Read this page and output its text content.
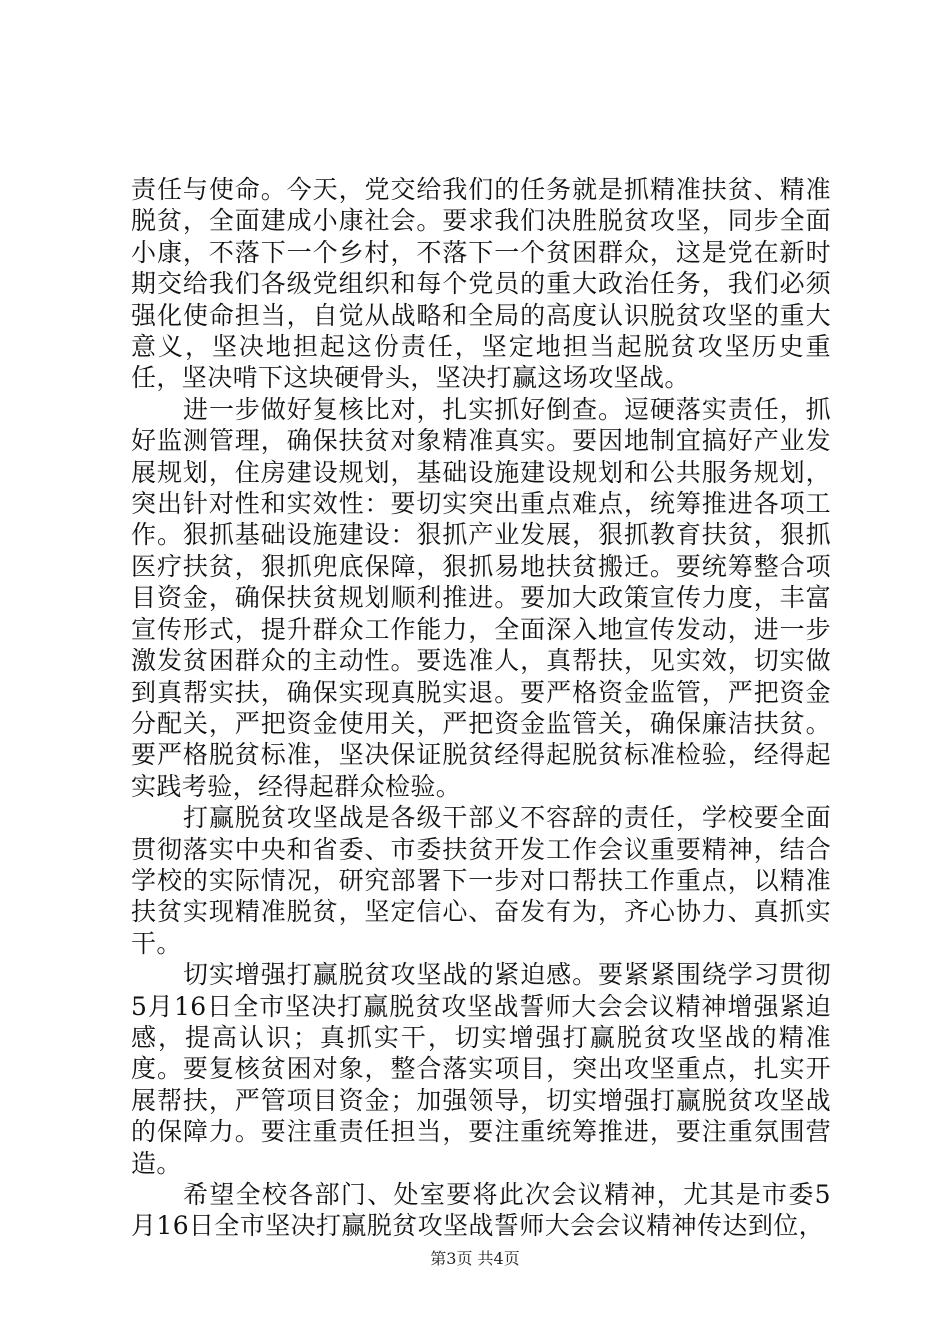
责任与使命。今天，党交给我们的任务就是抓精准扶贫、精准脱贫，全面建成小康社会。要求我们决胜脱贫攻坚，同步全面小康，不落下一个乡村，不落下一个贫困群众，这是党在新时期交给我们各级党组织和每个党员的重大政治任务，我们必须强化使命担当，自觉从战略和全局的高度认识脱贫攻坚的重大意义，坚决地担起这份责任，坚定地担当起脱贫攻坚历史重任，坚决啃下这块硬骨头，坚决打赢这场攻坚战。

进一步做好复核比对，扎实抓好倒查。逗硬落实责任，抓好监测管理，确保扶贫对象精准真实。要因地制宜搞好产业发展规划，住房建设规划，基础设施建设规划和公共服务规划，突出针对性和实效性：要切实突出重点难点，统筹推进各项工作。狠抓基础设施建设：狠抓产业发展，狠抓教育扶贫，狠抓医疗扶贫，狠抓兜底保障，狠抓易地扶贫搬迁。要统筹整合项目资金，确保扶贫规划顺利推进。要加大政策宣传力度，丰富宣传形式，提升群众工作能力，全面深入地宣传发动，进一步激发贫困群众的主动性。要选准人，真帮扶，见实效，切实做到真帮实扶，确保实现真脱实退。要严格资金监管，严把资金分配关，严把资金使用关，严把资金监管关，确保廉洁扶贫。要严格脱贫标准，坚决保证脱贫经得起脱贫标准检验，经得起实践考验，经得起群众检验。

打赢脱贫攻坚战是各级干部义不容辞的责任，学校要全面贯彻落实中央和省委、市委扶贫开发工作会议重要精神，结合学校的实际情况，研究部署下一步对口帮扶工作重点，以精准扶贫实现精准脱贫，坚定信心、奋发有为，齐心协力、真抓实干。

切实增强打赢脱贫攻坚战的紧迫感。要紧紧围绕学习贯彻5月16日全市坚决打赢脱贫攻坚战誓师大会会议精神增强紧迫感，提高认识；真抓实干，切实增强打赢脱贫攻坚战的精准度。要复核贫困对象，整合落实项目，突出攻坚重点，扎实开展帮扶，严管项目资金；加强领导，切实增强打赢脱贫攻坚战的保障力。要注重责任担当，要注重统筹推进，要注重氛围营造。

希望全校各部门、处室要将此次会议精神，尤其是市委5月16日全市坚决打赢脱贫攻坚战誓师大会会议精神传达到位，

第3页 共4页
